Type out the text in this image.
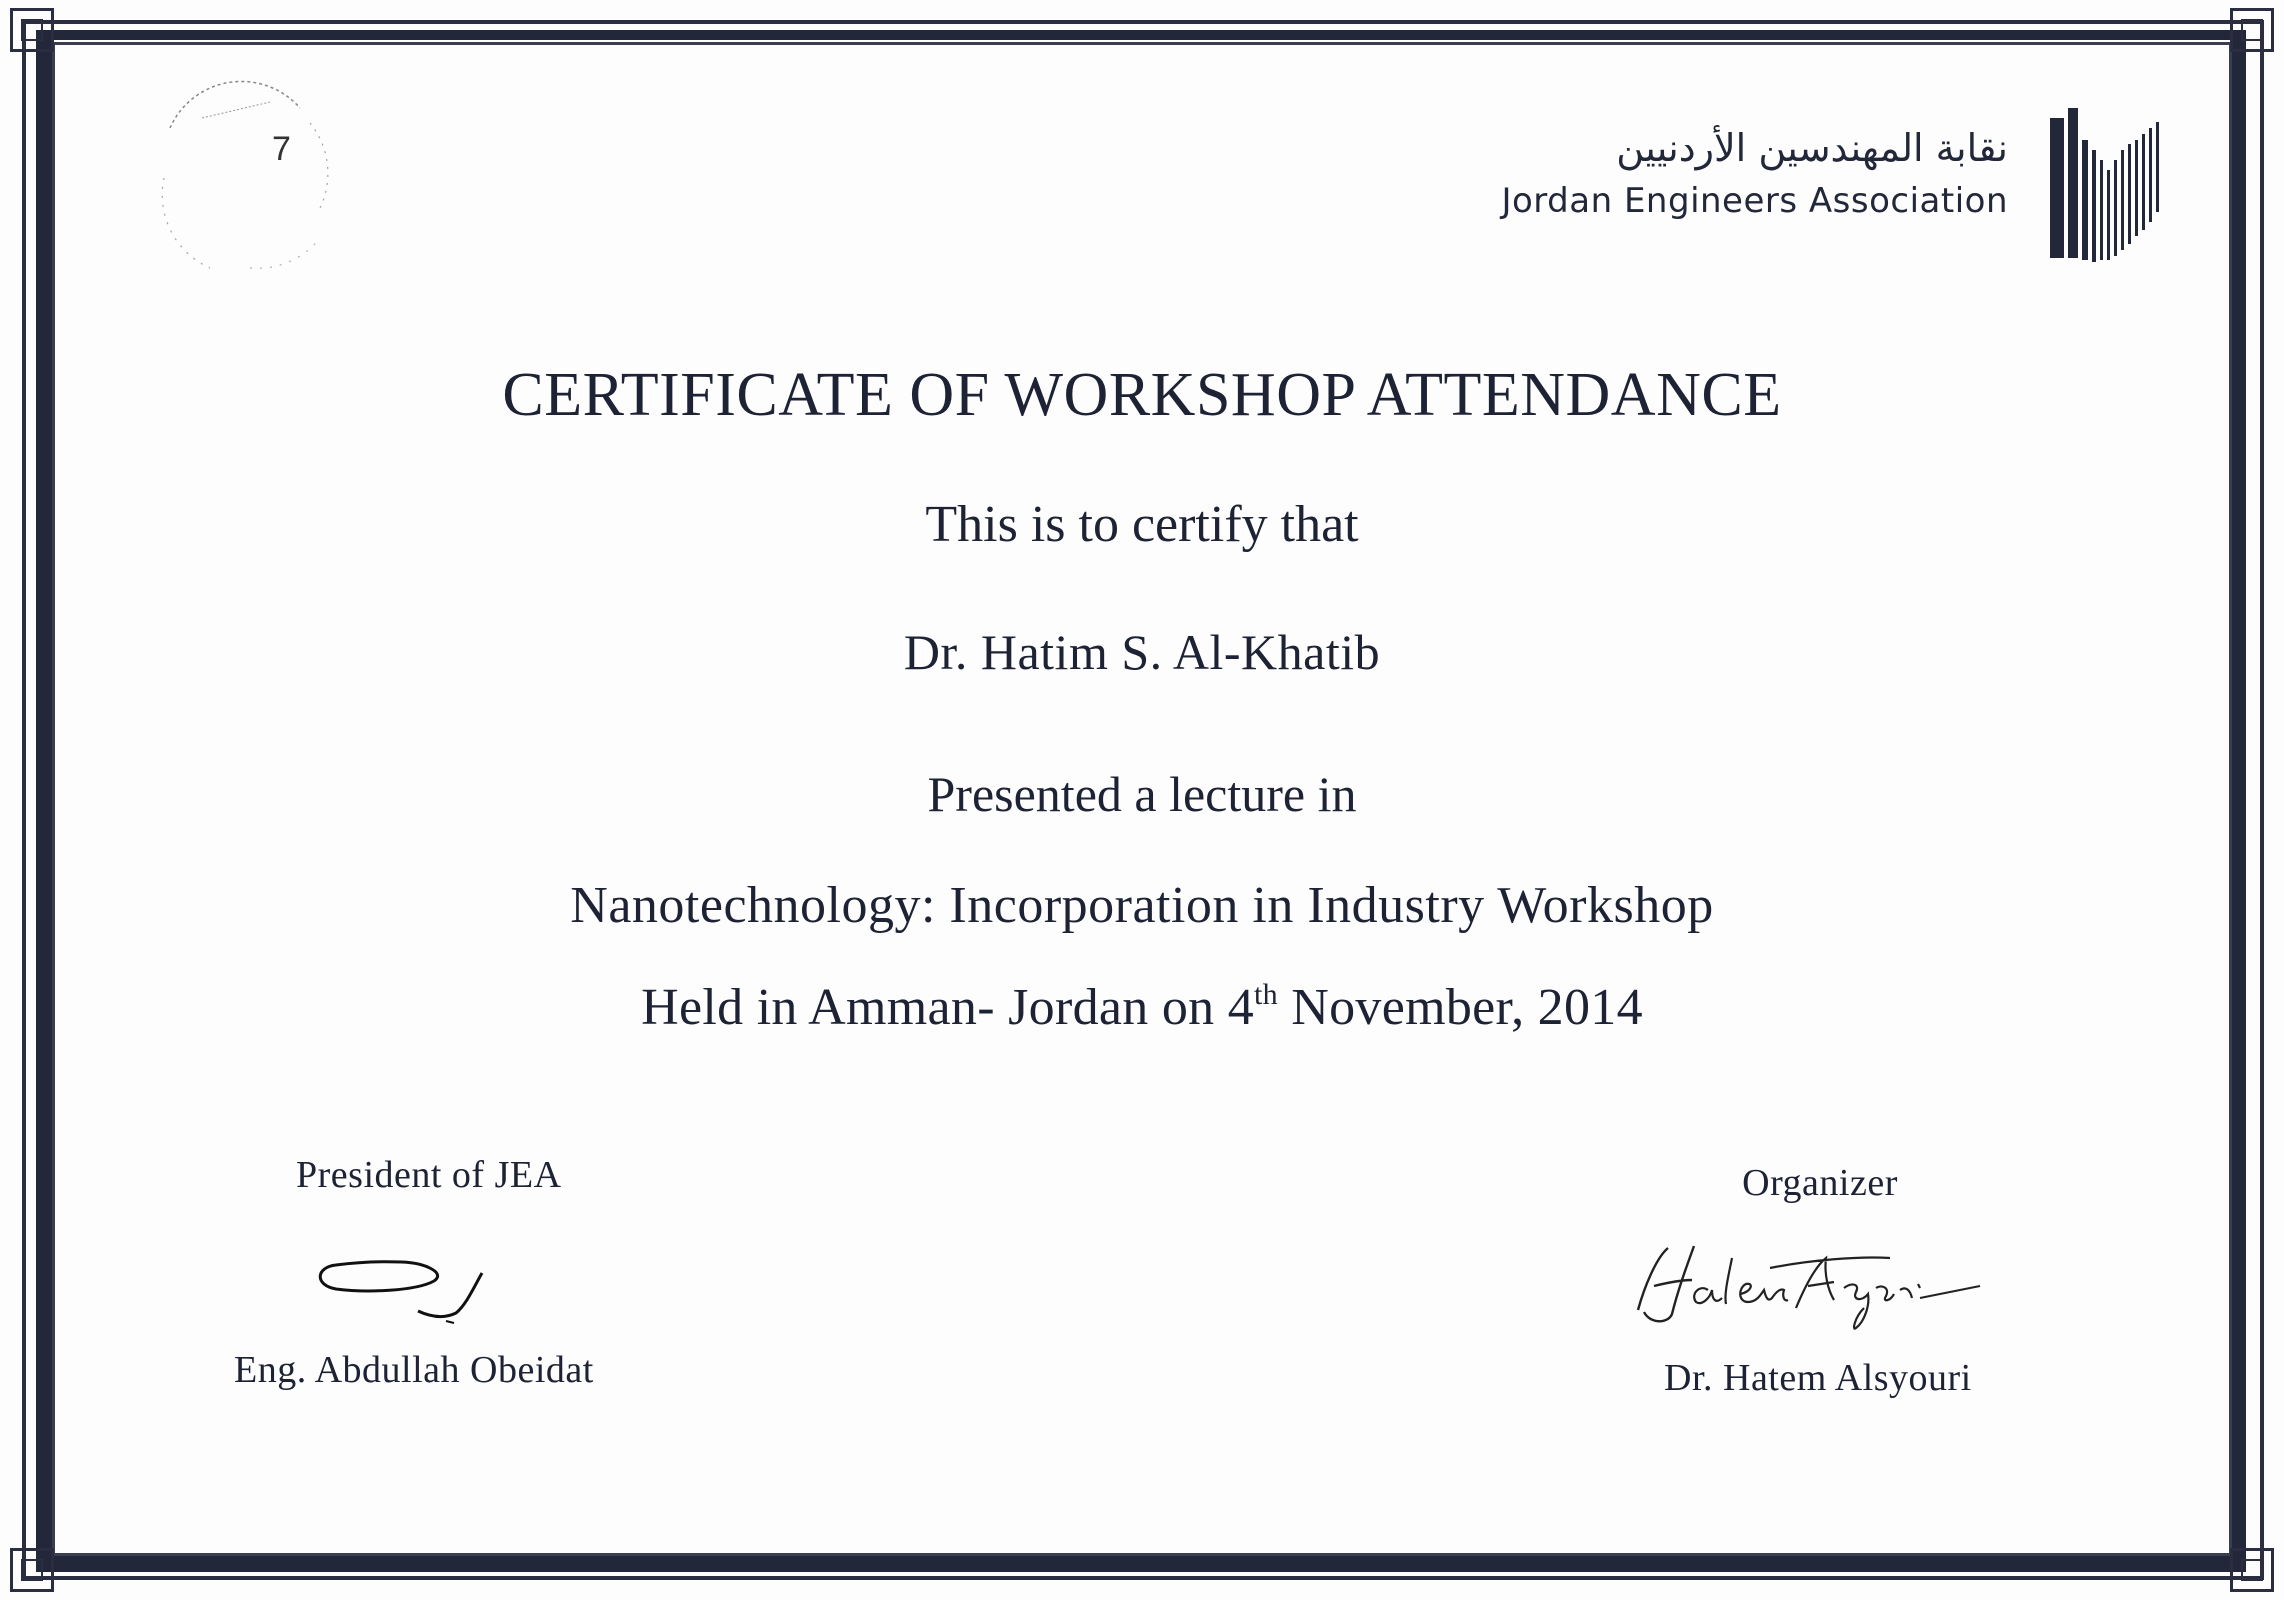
7	نقابة المهندسين الأردنيين
Jordan Engineers Association
CERTIFICATE OF WORKSHOP ATTENDANCE
This is to certify that
Dr. Hatim S. Al-Khatib
Presented a lecture in
Nanotechnology: Incorporation in Industry Workshop
Held in Amman- Jordan on 4th November, 2014
President of JEA
Eng. Abdullah Obeidat
Organizer
Dr. Hatem Alsyouri
